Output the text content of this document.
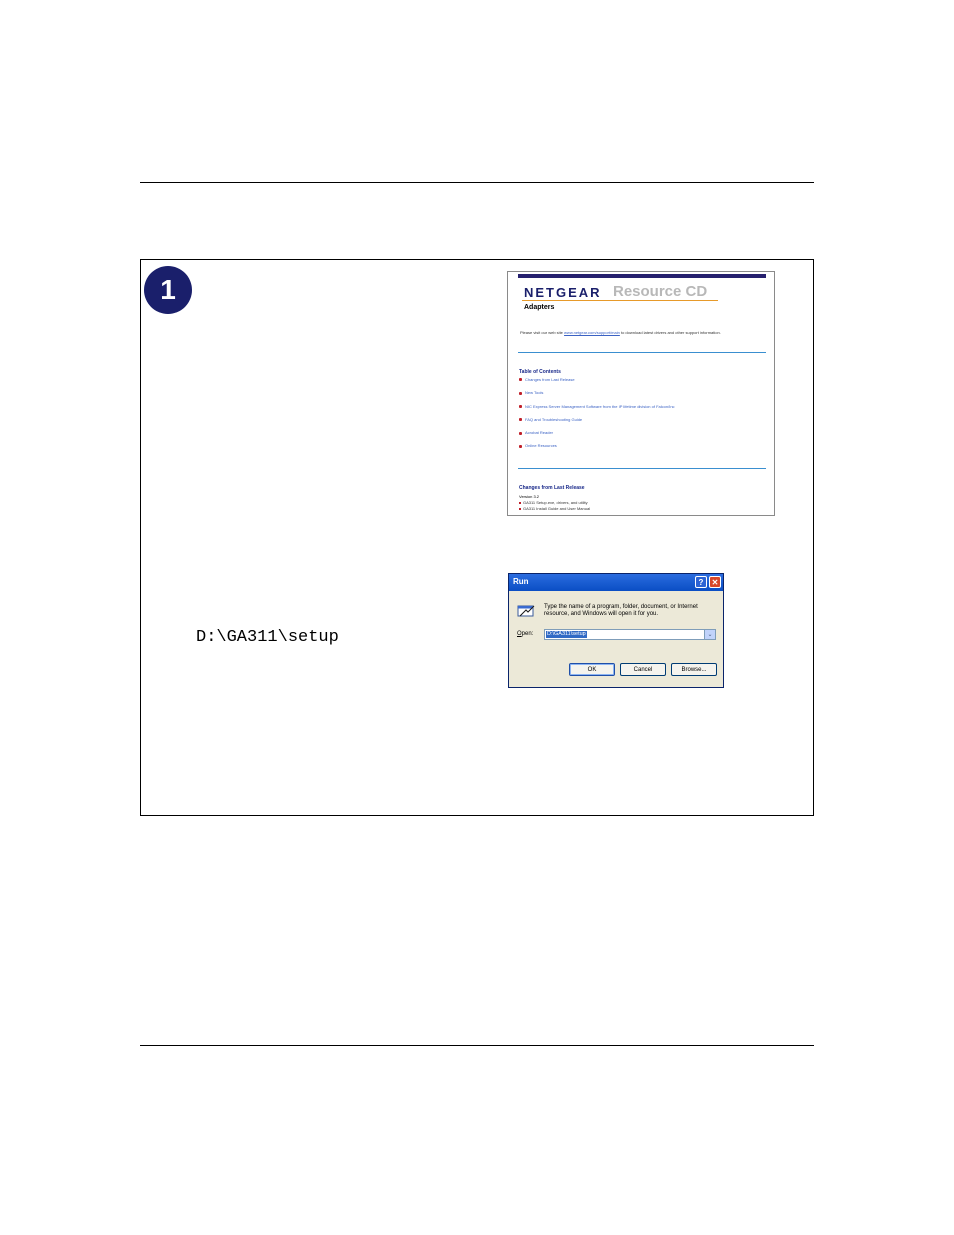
1
D:\GA311\setup
NETGEAR Resource CD
Adapters
Please visit our web site www.netgear.com/support/main to download latest drivers and other support information.
Table of Contents
Changes from Last Release
New Tools
NIC Express Server Management Software from the IP lifetime division of Falcon/Inc
FAQ and Troubleshooting Guide
Acrobat Reader
Online Resources
Changes from Last Release
Version 3.2
GA311 Setup.exe, drivers, and utility
GA311 Install Guide and User Manual
Run	?	✕
Type the name of a program, folder, document, or Internet resource, and Windows will open it for you.
Open: D:\GA311\setup	⌄
OK	Cancel	Browse...
